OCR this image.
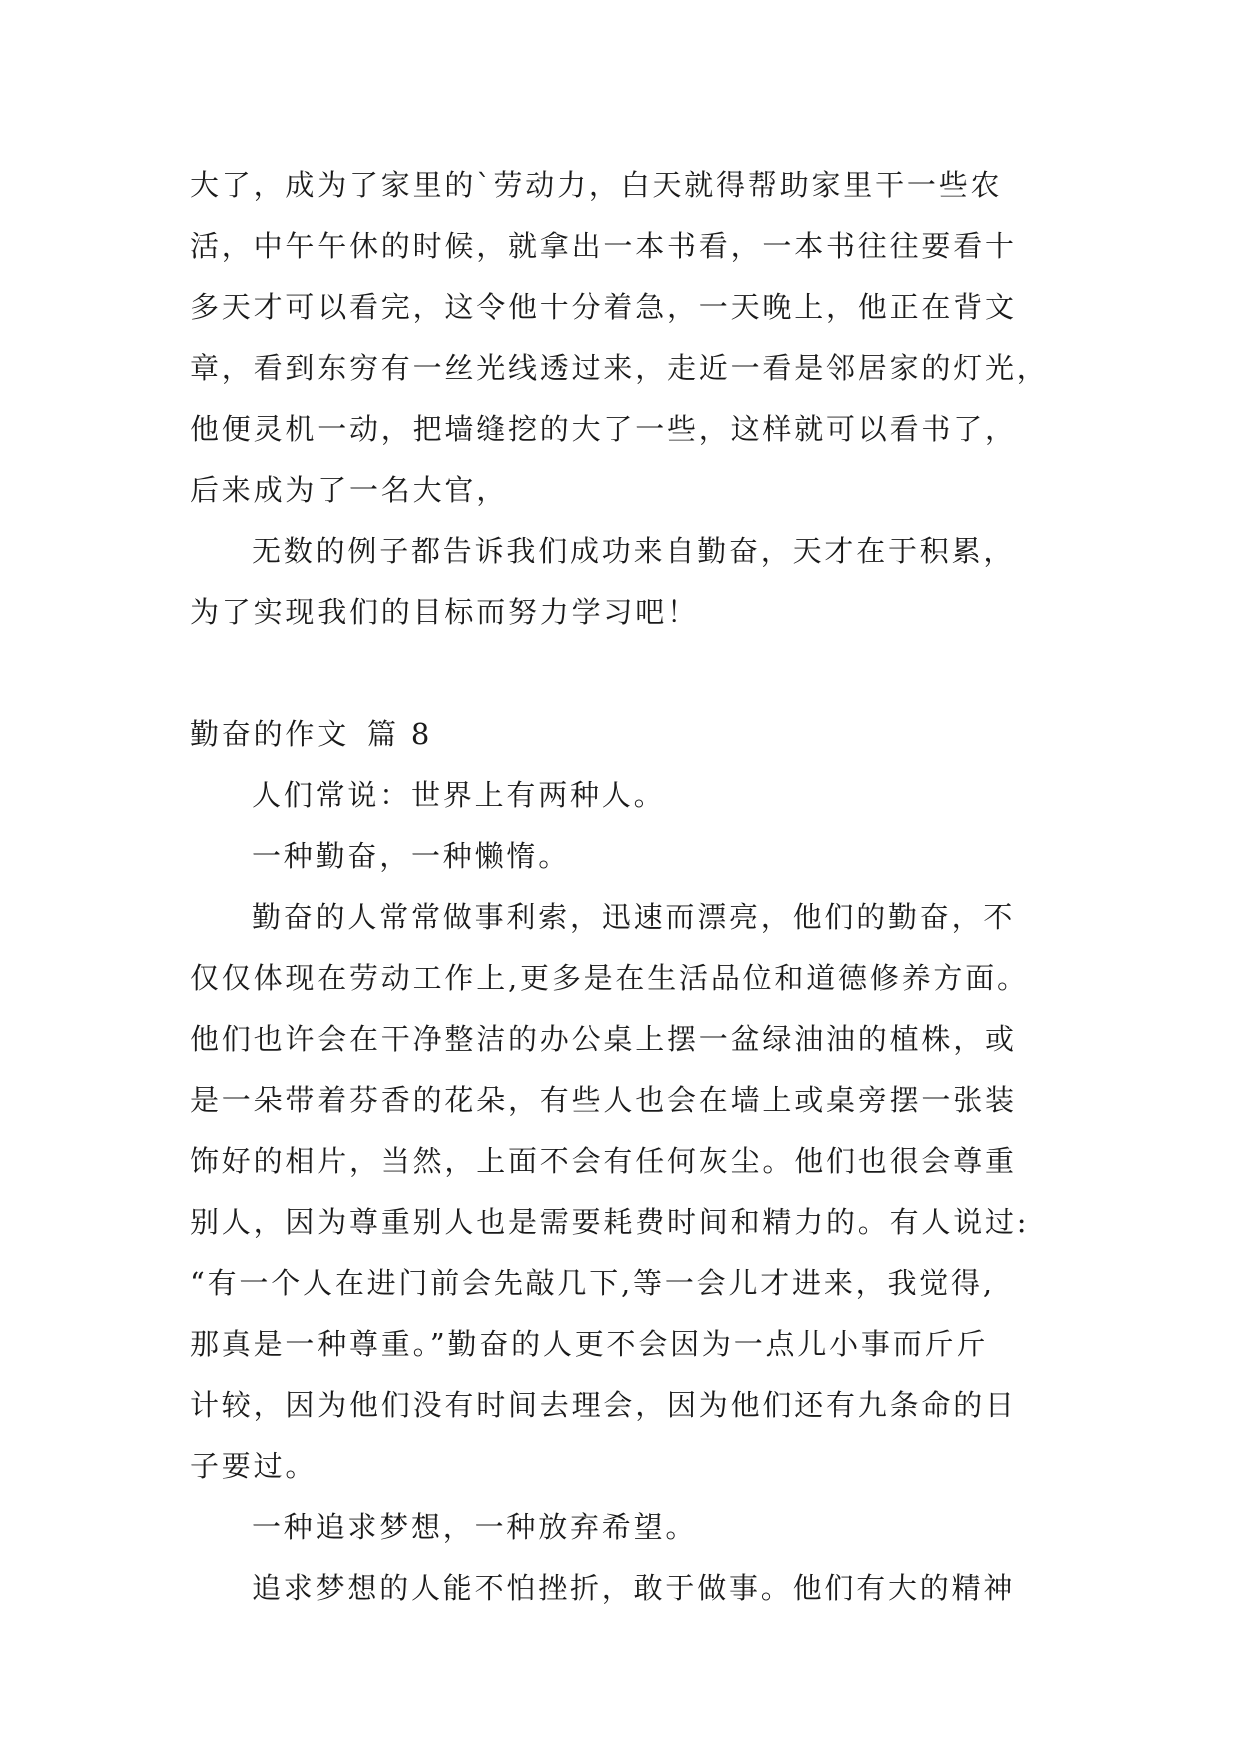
大了，成为了家里的`劳动力，白天就得帮助家里干一些农
活，中午午休的时候，就拿出一本书看，一本书往往要看十
多天才可以看完，这令他十分着急，一天晚上，他正在背文
章，看到东穷有一丝光线透过来，走近一看是邻居家的灯光，
他便灵机一动，把墙缝挖的大了一些，这样就可以看书了，
后来成为了一名大官，
无数的例子都告诉我们成功来自勤奋，天才在于积累，
为了实现我们的目标而努力学习吧！
勤奋的作文 篇 8
人们常说：世界上有两种人。
一种勤奋，一种懒惰。
勤奋的人常常做事利索，迅速而漂亮，他们的勤奋，不
仅仅体现在劳动工作上,更多是在生活品位和道德修养方面。
他们也许会在干净整洁的办公桌上摆一盆绿油油的植株，或
是一朵带着芬香的花朵，有些人也会在墙上或桌旁摆一张装
饰好的相片，当然，上面不会有任何灰尘。他们也很会尊重
别人，因为尊重别人也是需要耗费时间和精力的。有人说过:
“有一个人在进门前会先敲几下,等一会儿才进来，我觉得,
那真是一种尊重。”勤奋的人更不会因为一点儿小事而斤斤
计较，因为他们没有时间去理会，因为他们还有九条命的日
子要过。
一种追求梦想，一种放弃希望。
追求梦想的人能不怕挫折，敢于做事。他们有大的精神
